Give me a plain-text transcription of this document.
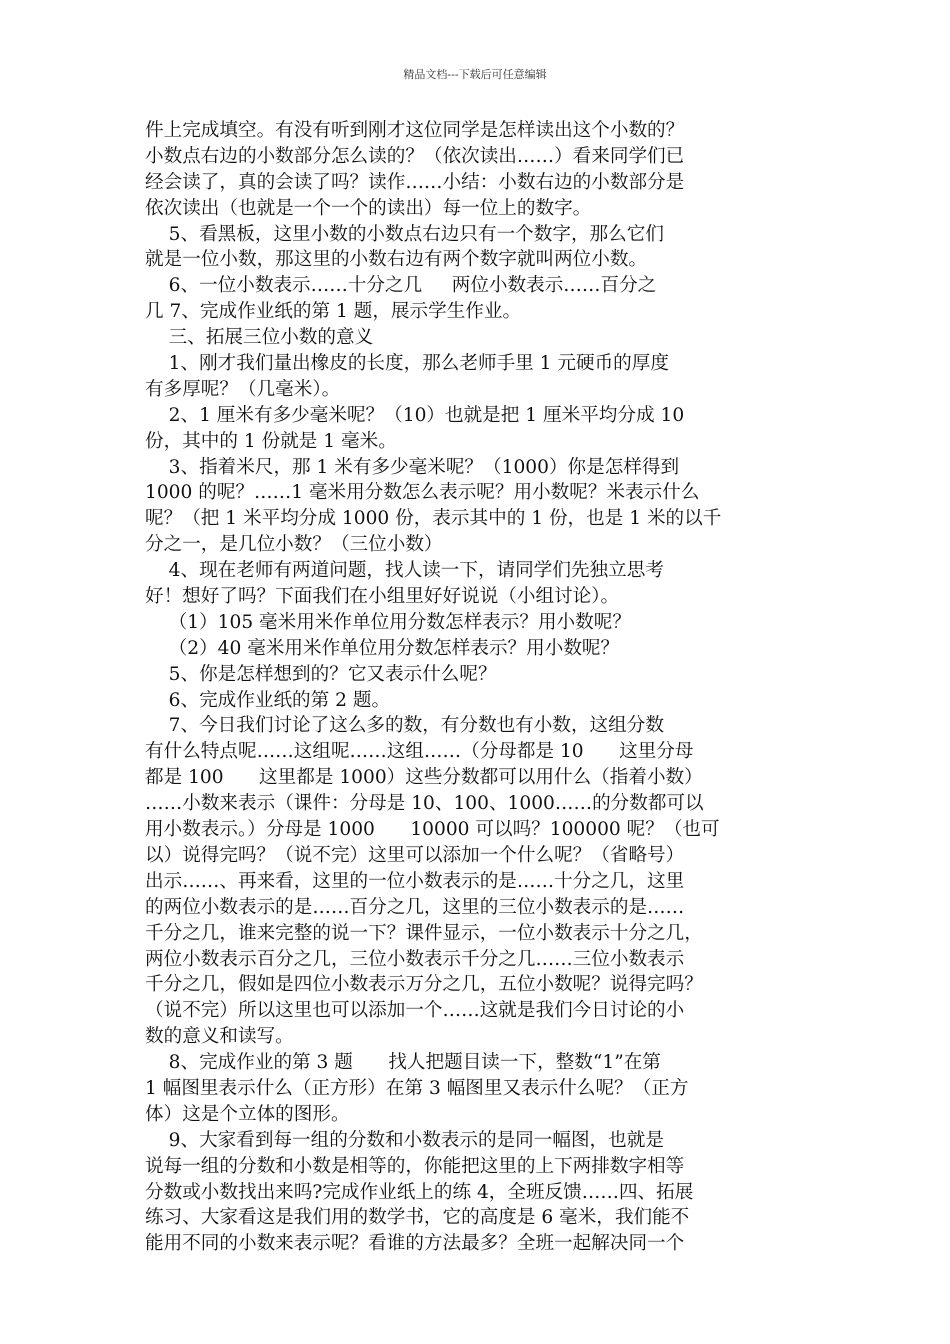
精品文档---下载后可任意编辑
件上完成填空。有没有听到刚才这位同学是怎样读出这个小数的？
小数点右边的小数部分怎么读的？（依次读出……）看来同学们已
经会读了，真的会读了吗？读作……小结：小数右边的小数部分是
依次读出（也就是一个一个的读出）每一位上的数字。
5、看黑板，这里小数的小数点右边只有一个数字，那么它们
就是一位小数，那这里的小数右边有两个数字就叫两位小数。
6、一位小数表示……十分之几     两位小数表示……百分之
几 7、完成作业纸的第 1 题，展示学生作业。
三、拓展三位小数的意义
1、刚才我们量出橡皮的长度，那么老师手里 1 元硬币的厚度
有多厚呢？（几毫米）。
2、1 厘米有多少毫米呢？（10）也就是把 1 厘米平均分成 10
份，其中的 1 份就是 1 毫米。
3、指着米尺，那 1 米有多少毫米呢？（1000）你是怎样得到
1000 的呢？……1 毫米用分数怎么表示呢？用小数呢？米表示什么
呢？（把 1 米平均分成 1000 份，表示其中的 1 份，也是 1 米的以千
分之一，是几位小数？（三位小数）
4、现在老师有两道问题，找人读一下，请同学们先独立思考
好！想好了吗？下面我们在小组里好好说说（小组讨论）。
（1）105 毫米用米作单位用分数怎样表示？用小数呢？
（2）40 毫米用米作单位用分数怎样表示？用小数呢？
5、你是怎样想到的？它又表示什么呢？
6、完成作业纸的第 2 题。
7、今日我们讨论了这么多的数，有分数也有小数，这组分数
有什么特点呢……这组呢……这组……（分母都是 10      这里分母
都是 100      这里都是 1000）这些分数都可以用什么（指着小数）
……小数来表示（课件：分母是 10、100、1000……的分数都可以
用小数表示。）分母是 1000      10000 可以吗？100000 呢？（也可
以）说得完吗？（说不完）这里可以添加一个什么呢？（省略号）
出示……、再来看，这里的一位小数表示的是……十分之几，这里
的两位小数表示的是……百分之几，这里的三位小数表示的是……
千分之几，谁来完整的说一下？课件显示，一位小数表示十分之几，
两位小数表示百分之几，三位小数表示千分之几……三位小数表示
千分之几，假如是四位小数表示万分之几，五位小数呢？说得完吗？
（说不完）所以这里也可以添加一个……这就是我们今日讨论的小
数的意义和读写。
8、完成作业的第 3 题      找人把题目读一下，整数“1”在第
1 幅图里表示什么（正方形）在第 3 幅图里又表示什么呢？（正方
体）这是个立体的图形。
9、大家看到每一组的分数和小数表示的是同一幅图，也就是
说每一组的分数和小数是相等的，你能把这里的上下两排数字相等
分数或小数找出来吗?完成作业纸上的练 4，全班反馈……四、拓展
练习、大家看这是我们用的数学书，它的高度是 6 毫米，我们能不
能用不同的小数来表示呢？看谁的方法最多？全班一起解决同一个
